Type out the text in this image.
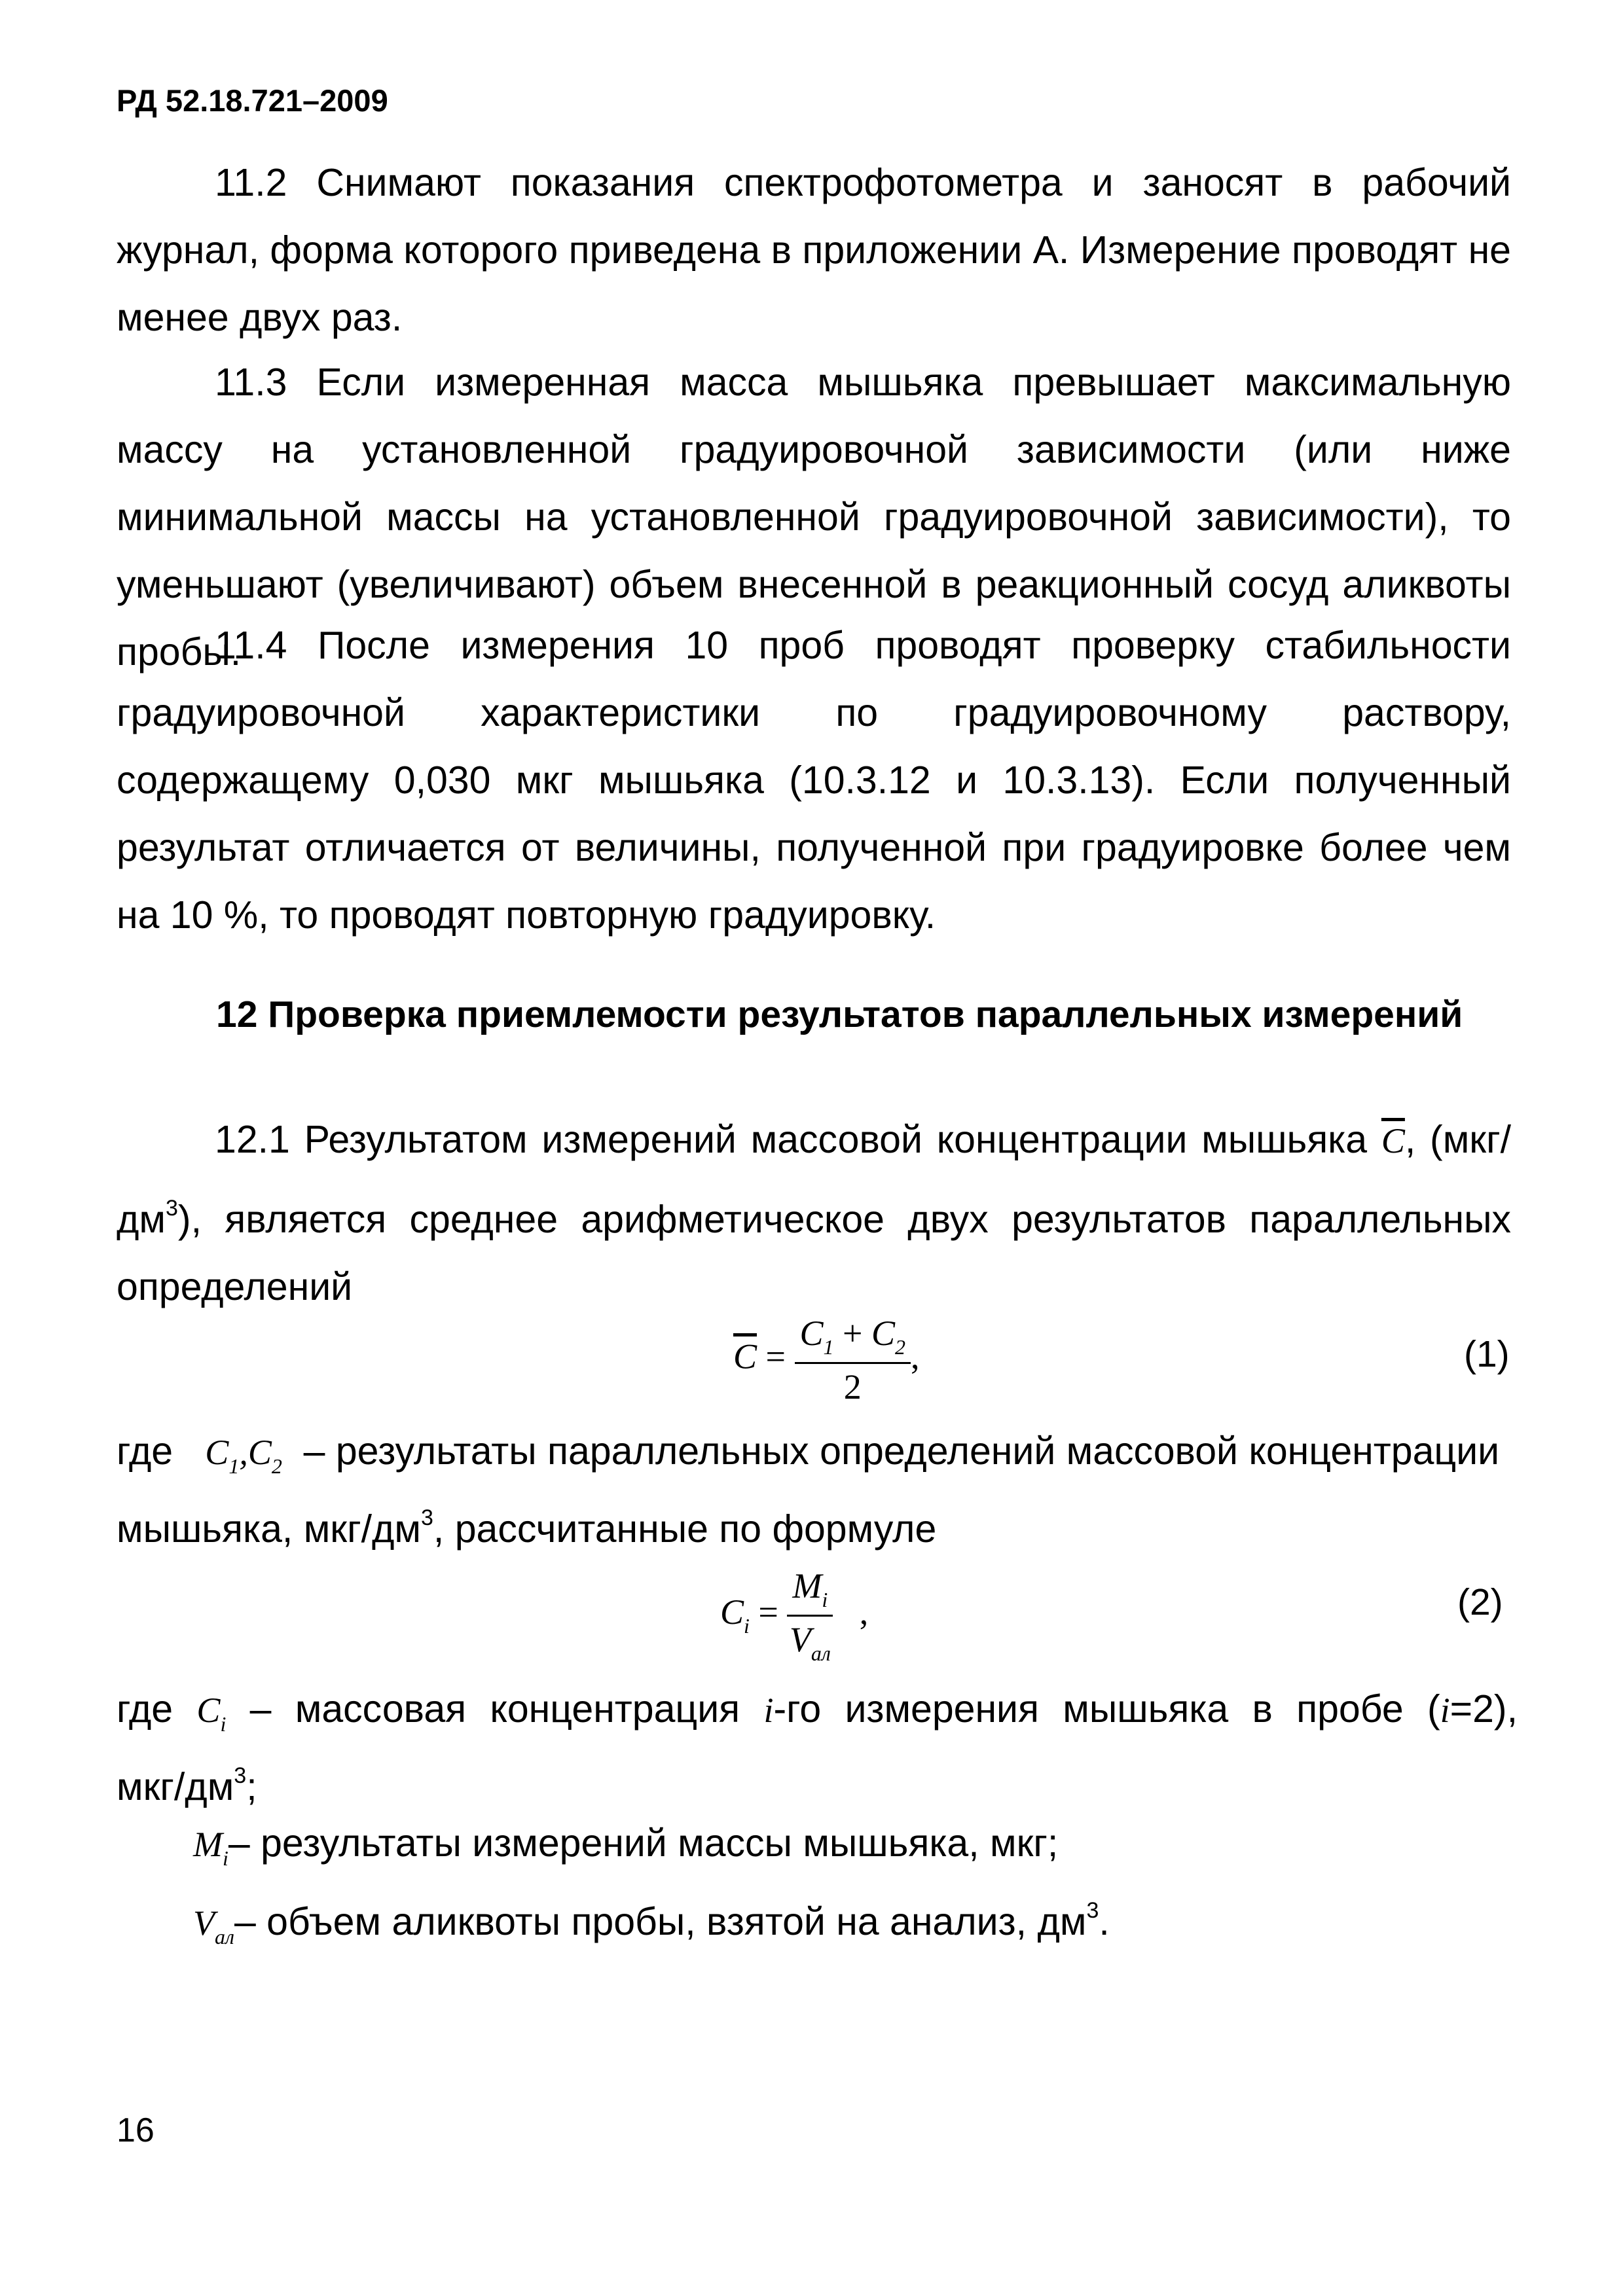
РД 52.18.721–2009
11.2 Снимают показания спектрофотометра и заносят в рабочий журнал, форма которого приведена в приложении А. Измерение проводят не менее двух раз.
11.3 Если измеренная масса мышьяка превышает максимальную массу на установленной градуировочной зависимости (или ниже минимальной массы на установленной градуировочной зависимости), то уменьшают (увеличивают) объем внесенной в реакционный сосуд аликвоты пробы.
11.4 После измерения 10 проб проводят проверку стабильности градуировочной характеристики по градуировочному раствору, содержащему 0,030 мкг мышьяка (10.3.12 и 10.3.13). Если полученный результат отличается от величины, полученной при градуировке более чем на 10 %, то проводят повторную градуировку.
12 Проверка приемлемости результатов параллельных измерений
12.1 Результатом измерений массовой концентрации мышьяка $\overline{C}$, $(мкг/дм^3)$, является среднее арифметическое двух результатов параллельных определений
$\overline{C} = \frac{C_1 + C_2}{2}$ ,	(1)
где $C_1,C_2$ – результаты параллельных определений массовой концентрации
мышьяка, мкг/$дм^3$, рассчитанные по формуле
$C_i = \frac{M_i}{V_{ал}}$ ,	(2)
где $C_i$ – массовая концентрация i-го измерения мышьяка в пробе (i=2),
мкг/$дм^3$;
$M_i-$ результаты измерений массы мышьяка, мкг;
$V_{ал}-$ объем аликвоты пробы, взятой на анализ, $дм^3$.
16
